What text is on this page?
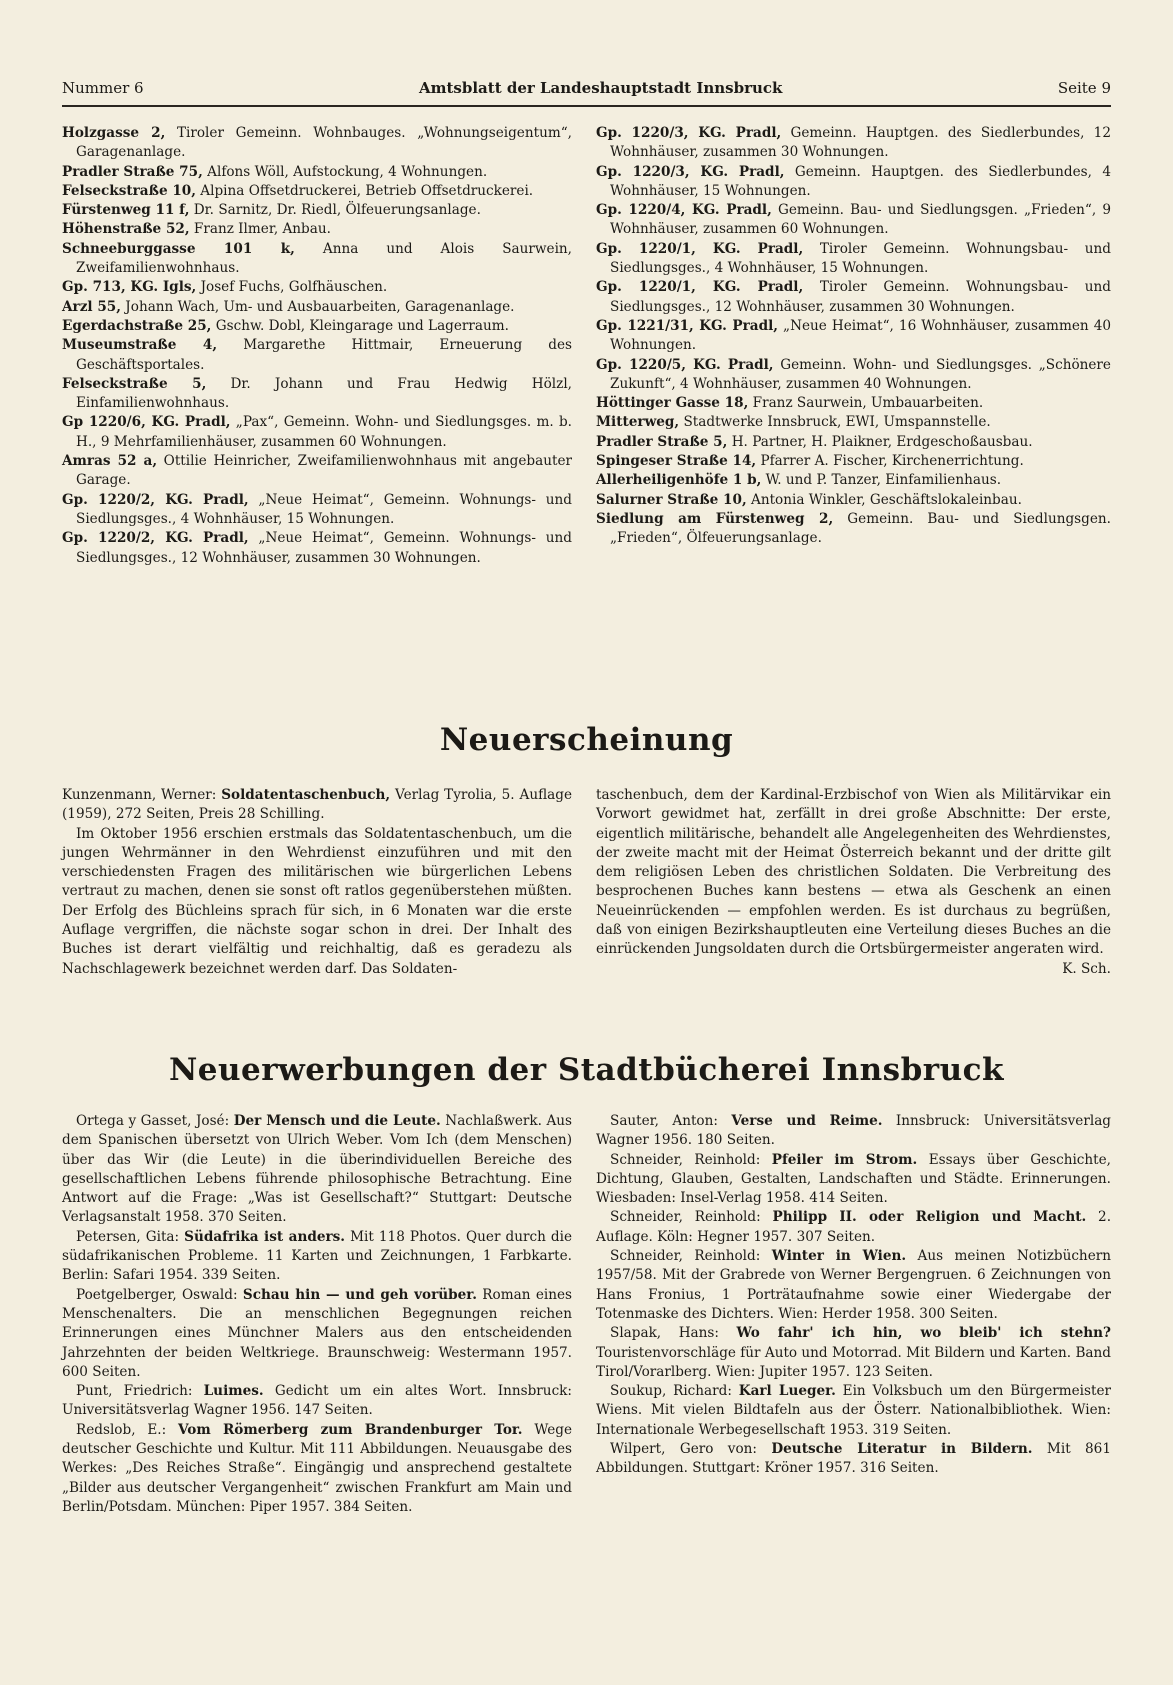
Nummer 6	Amtsblatt der Landeshauptstadt Innsbruck	Seite 9

Holzgasse 2, Tiroler Gemeinn. Wohnbauges. „Wohnungseigentum“, Garagenanlage.

Pradler Straße 75, Alfons Wöll, Aufstockung, 4 Wohnungen.

Felseckstraße 10, Alpina Offsetdruckerei, Betrieb Offsetdruckerei.

Fürstenweg 11 f, Dr. Sarnitz, Dr. Riedl, Ölfeuerungsanlage.

Höhenstraße 52, Franz Ilmer, Anbau.

Schneeburggasse 101 k, Anna und Alois Saurwein, Zweifamilienwohnhaus.

Gp. 713, KG. Igls, Josef Fuchs, Golfhäuschen.

Arzl 55, Johann Wach, Um- und Ausbauarbeiten, Garagenanlage.

Egerdachstraße 25, Gschw. Dobl, Kleingarage und Lagerraum.

Museumstraße 4, Margarethe Hittmair, Erneuerung des Geschäftsportales.

Felseckstraße 5, Dr. Johann und Frau Hedwig Hölzl, Einfamilienwohnhaus.

Gp 1220/6, KG. Pradl, „Pax“, Gemeinn. Wohn- und Siedlungsges. m. b. H., 9 Mehrfamilienhäuser, zusammen 60 Wohnungen.

Amras 52 a, Ottilie Heinricher, Zweifamilienwohnhaus mit angebauter Garage.

Gp. 1220/2, KG. Pradl, „Neue Heimat“, Gemeinn. Wohnungs- und Siedlungsges., 4 Wohnhäuser, 15 Wohnungen.

Gp. 1220/2, KG. Pradl, „Neue Heimat“, Gemeinn. Wohnungs- und Siedlungsges., 12 Wohnhäuser, zusammen 30 Wohnungen.

Gp. 1220/3, KG. Pradl, Gemeinn. Hauptgen. des Siedlerbundes, 12 Wohnhäuser, zusammen 30 Wohnungen.

Gp. 1220/3, KG. Pradl, Gemeinn. Hauptgen. des Siedlerbundes, 4 Wohnhäuser, 15 Wohnungen.

Gp. 1220/4, KG. Pradl, Gemeinn. Bau- und Siedlungsgen. „Frieden“, 9 Wohnhäuser, zusammen 60 Wohnungen.

Gp. 1220/1, KG. Pradl, Tiroler Gemeinn. Wohnungsbau- und Siedlungsges., 4 Wohnhäuser, 15 Wohnungen.

Gp. 1220/1, KG. Pradl, Tiroler Gemeinn. Wohnungsbau- und Siedlungsges., 12 Wohnhäuser, zusammen 30 Wohnungen.

Gp. 1221/31, KG. Pradl, „Neue Heimat“, 16 Wohnhäuser, zusammen 40 Wohnungen.

Gp. 1220/5, KG. Pradl, Gemeinn. Wohn- und Siedlungsges. „Schönere Zukunft“, 4 Wohnhäuser, zusammen 40 Wohnungen.

Höttinger Gasse 18, Franz Saurwein, Umbauarbeiten.

Mitterweg, Stadtwerke Innsbruck, EWI, Umspannstelle.

Pradler Straße 5, H. Partner, H. Plaikner, Erdgeschoßausbau.

Spingeser Straße 14, Pfarrer A. Fischer, Kirchenerrichtung.

Allerheiligenhöfe 1 b, W. und P. Tanzer, Einfamilienhaus.

Salurner Straße 10, Antonia Winkler, Geschäftslokaleinbau.

Siedlung am Fürstenweg 2, Gemeinn. Bau- und Siedlungsgen. „Frieden“, Ölfeuerungsanlage.

Neuerscheinung

Kunzenmann, Werner: Soldatentaschenbuch, Verlag Tyrolia, 5. Auflage (1959), 272 Seiten, Preis 28 Schilling.

Im Oktober 1956 erschien erstmals das Soldatentaschenbuch, um die jungen Wehrmänner in den Wehrdienst einzuführen und mit den verschiedensten Fragen des militärischen wie bürgerlichen Lebens vertraut zu machen, denen sie sonst oft ratlos gegenüberstehen müßten. Der Erfolg des Büchleins sprach für sich, in 6 Monaten war die erste Auflage vergriffen, die nächste sogar schon in drei. Der Inhalt des Buches ist derart vielfältig und reichhaltig, daß es geradezu als Nachschlagewerk bezeichnet werden darf. Das Soldaten-

taschenbuch, dem der Kardinal-Erzbischof von Wien als Militärvikar ein Vorwort gewidmet hat, zerfällt in drei große Abschnitte: Der erste, eigentlich militärische, behandelt alle Angelegenheiten des Wehrdienstes, der zweite macht mit der Heimat Österreich bekannt und der dritte gilt dem religiösen Leben des christlichen Soldaten. Die Verbreitung des besprochenen Buches kann bestens — etwa als Geschenk an einen Neueinrückenden — empfohlen werden. Es ist durchaus zu begrüßen, daß von einigen Bezirkshauptleuten eine Verteilung dieses Buches an die einrückenden Jungsoldaten durch die Ortsbürgermeister angeraten wird.
K. Sch.

Neuerwerbungen der Stadtbücherei Innsbruck

Ortega y Gasset, José: Der Mensch und die Leute. Nachlaßwerk. Aus dem Spanischen übersetzt von Ulrich Weber. Vom Ich (dem Menschen) über das Wir (die Leute) in die überindividuellen Bereiche des gesellschaftlichen Lebens führende philosophische Betrachtung. Eine Antwort auf die Frage: „Was ist Gesellschaft?“ Stuttgart: Deutsche Verlagsanstalt 1958. 370 Seiten.

Petersen, Gita: Südafrika ist anders. Mit 118 Photos. Quer durch die südafrikanischen Probleme. 11 Karten und Zeichnungen, 1 Farbkarte. Berlin: Safari 1954. 339 Seiten.

Poetgelberger, Oswald: Schau hin — und geh vorüber. Roman eines Menschenalters. Die an menschlichen Begegnungen reichen Erinnerungen eines Münchner Malers aus den entscheidenden Jahrzehnten der beiden Weltkriege. Braunschweig: Westermann 1957. 600 Seiten.

Punt, Friedrich: Luimes. Gedicht um ein altes Wort. Innsbruck: Universitätsverlag Wagner 1956. 147 Seiten.

Redslob, E.: Vom Römerberg zum Brandenburger Tor. Wege deutscher Geschichte und Kultur. Mit 111 Abbildungen. Neuausgabe des Werkes: „Des Reiches Straße“. Eingängig und ansprechend gestaltete „Bilder aus deutscher Vergangenheit“ zwischen Frankfurt am Main und Berlin/Potsdam. München: Piper 1957. 384 Seiten.

Sauter, Anton: Verse und Reime. Innsbruck: Universitätsverlag Wagner 1956. 180 Seiten.

Schneider, Reinhold: Pfeiler im Strom. Essays über Geschichte, Dichtung, Glauben, Gestalten, Landschaften und Städte. Erinnerungen. Wiesbaden: Insel-Verlag 1958. 414 Seiten.

Schneider, Reinhold: Philipp II. oder Religion und Macht. 2. Auflage. Köln: Hegner 1957. 307 Seiten.

Schneider, Reinhold: Winter in Wien. Aus meinen Notizbüchern 1957/58. Mit der Grabrede von Werner Bergengruen. 6 Zeichnungen von Hans Fronius, 1 Porträtaufnahme sowie einer Wiedergabe der Totenmaske des Dichters. Wien: Herder 1958. 300 Seiten.

Slapak, Hans: Wo fahr' ich hin, wo bleib' ich stehn? Touristenvorschläge für Auto und Motorrad. Mit Bildern und Karten. Band Tirol/Vorarlberg. Wien: Jupiter 1957. 123 Seiten.

Soukup, Richard: Karl Lueger. Ein Volksbuch um den Bürgermeister Wiens. Mit vielen Bildtafeln aus der Österr. Nationalbibliothek. Wien: Internationale Werbegesellschaft 1953. 319 Seiten.

Wilpert, Gero von: Deutsche Literatur in Bildern. Mit 861 Abbildungen. Stuttgart: Kröner 1957. 316 Seiten.
